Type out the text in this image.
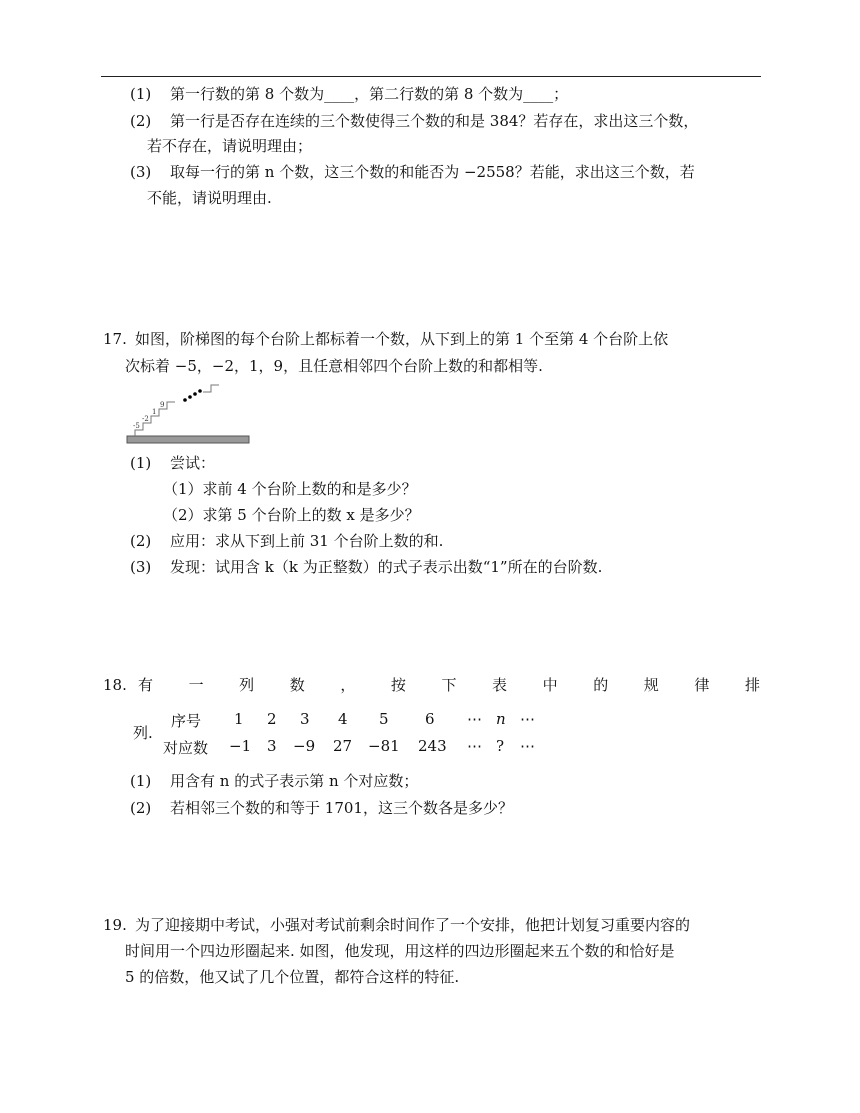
(1)	第一行数的第 8 个数为____，第二行数的第 8 个数为____；
(2)	第一行是否存在连续的三个数使得三个数的和是 384？若存在，求出这三个数，
若不存在，请说明理由；
(3)	取每一行的第 n 个数，这三个数的和能否为 −2558？若能，求出这三个数，若
不能，请说明理由.
17. 如图，阶梯图的每个台阶上都标着一个数，从下到上的第 1 个至第 4 个台阶上依
次标着 −5，−2，1，9，且任意相邻四个台阶上数的和都相等.
-5
-2
1
9
(1)	尝试：
（1）求前 4 个台阶上数的和是多少？
（2）求第 5 个台阶上的数 x 是多少？
(2)	应用：求从下到上前 31 个台阶上数的和.
(3)	发现：试用含 k（k 为正整数）的式子表示出数“1”所在的台阶数.
18. 有 一 列 数 ， 按 下 表 中 的 规 律 排
列.
序号 1 2 3 4 5 6 ⋯ n ⋯
对应数 −1 3 −9 27 −81 243 ⋯ ? ⋯
(1)	用含有 n 的式子表示第 n 个对应数；
(2)	若相邻三个数的和等于 1701，这三个数各是多少？
19. 为了迎接期中考试，小强对考试前剩余时间作了一个安排，他把计划复习重要内容的
时间用一个四边形圈起来. 如图，他发现，用这样的四边形圈起来五个数的和恰好是
5 的倍数，他又试了几个位置，都符合这样的特征.
